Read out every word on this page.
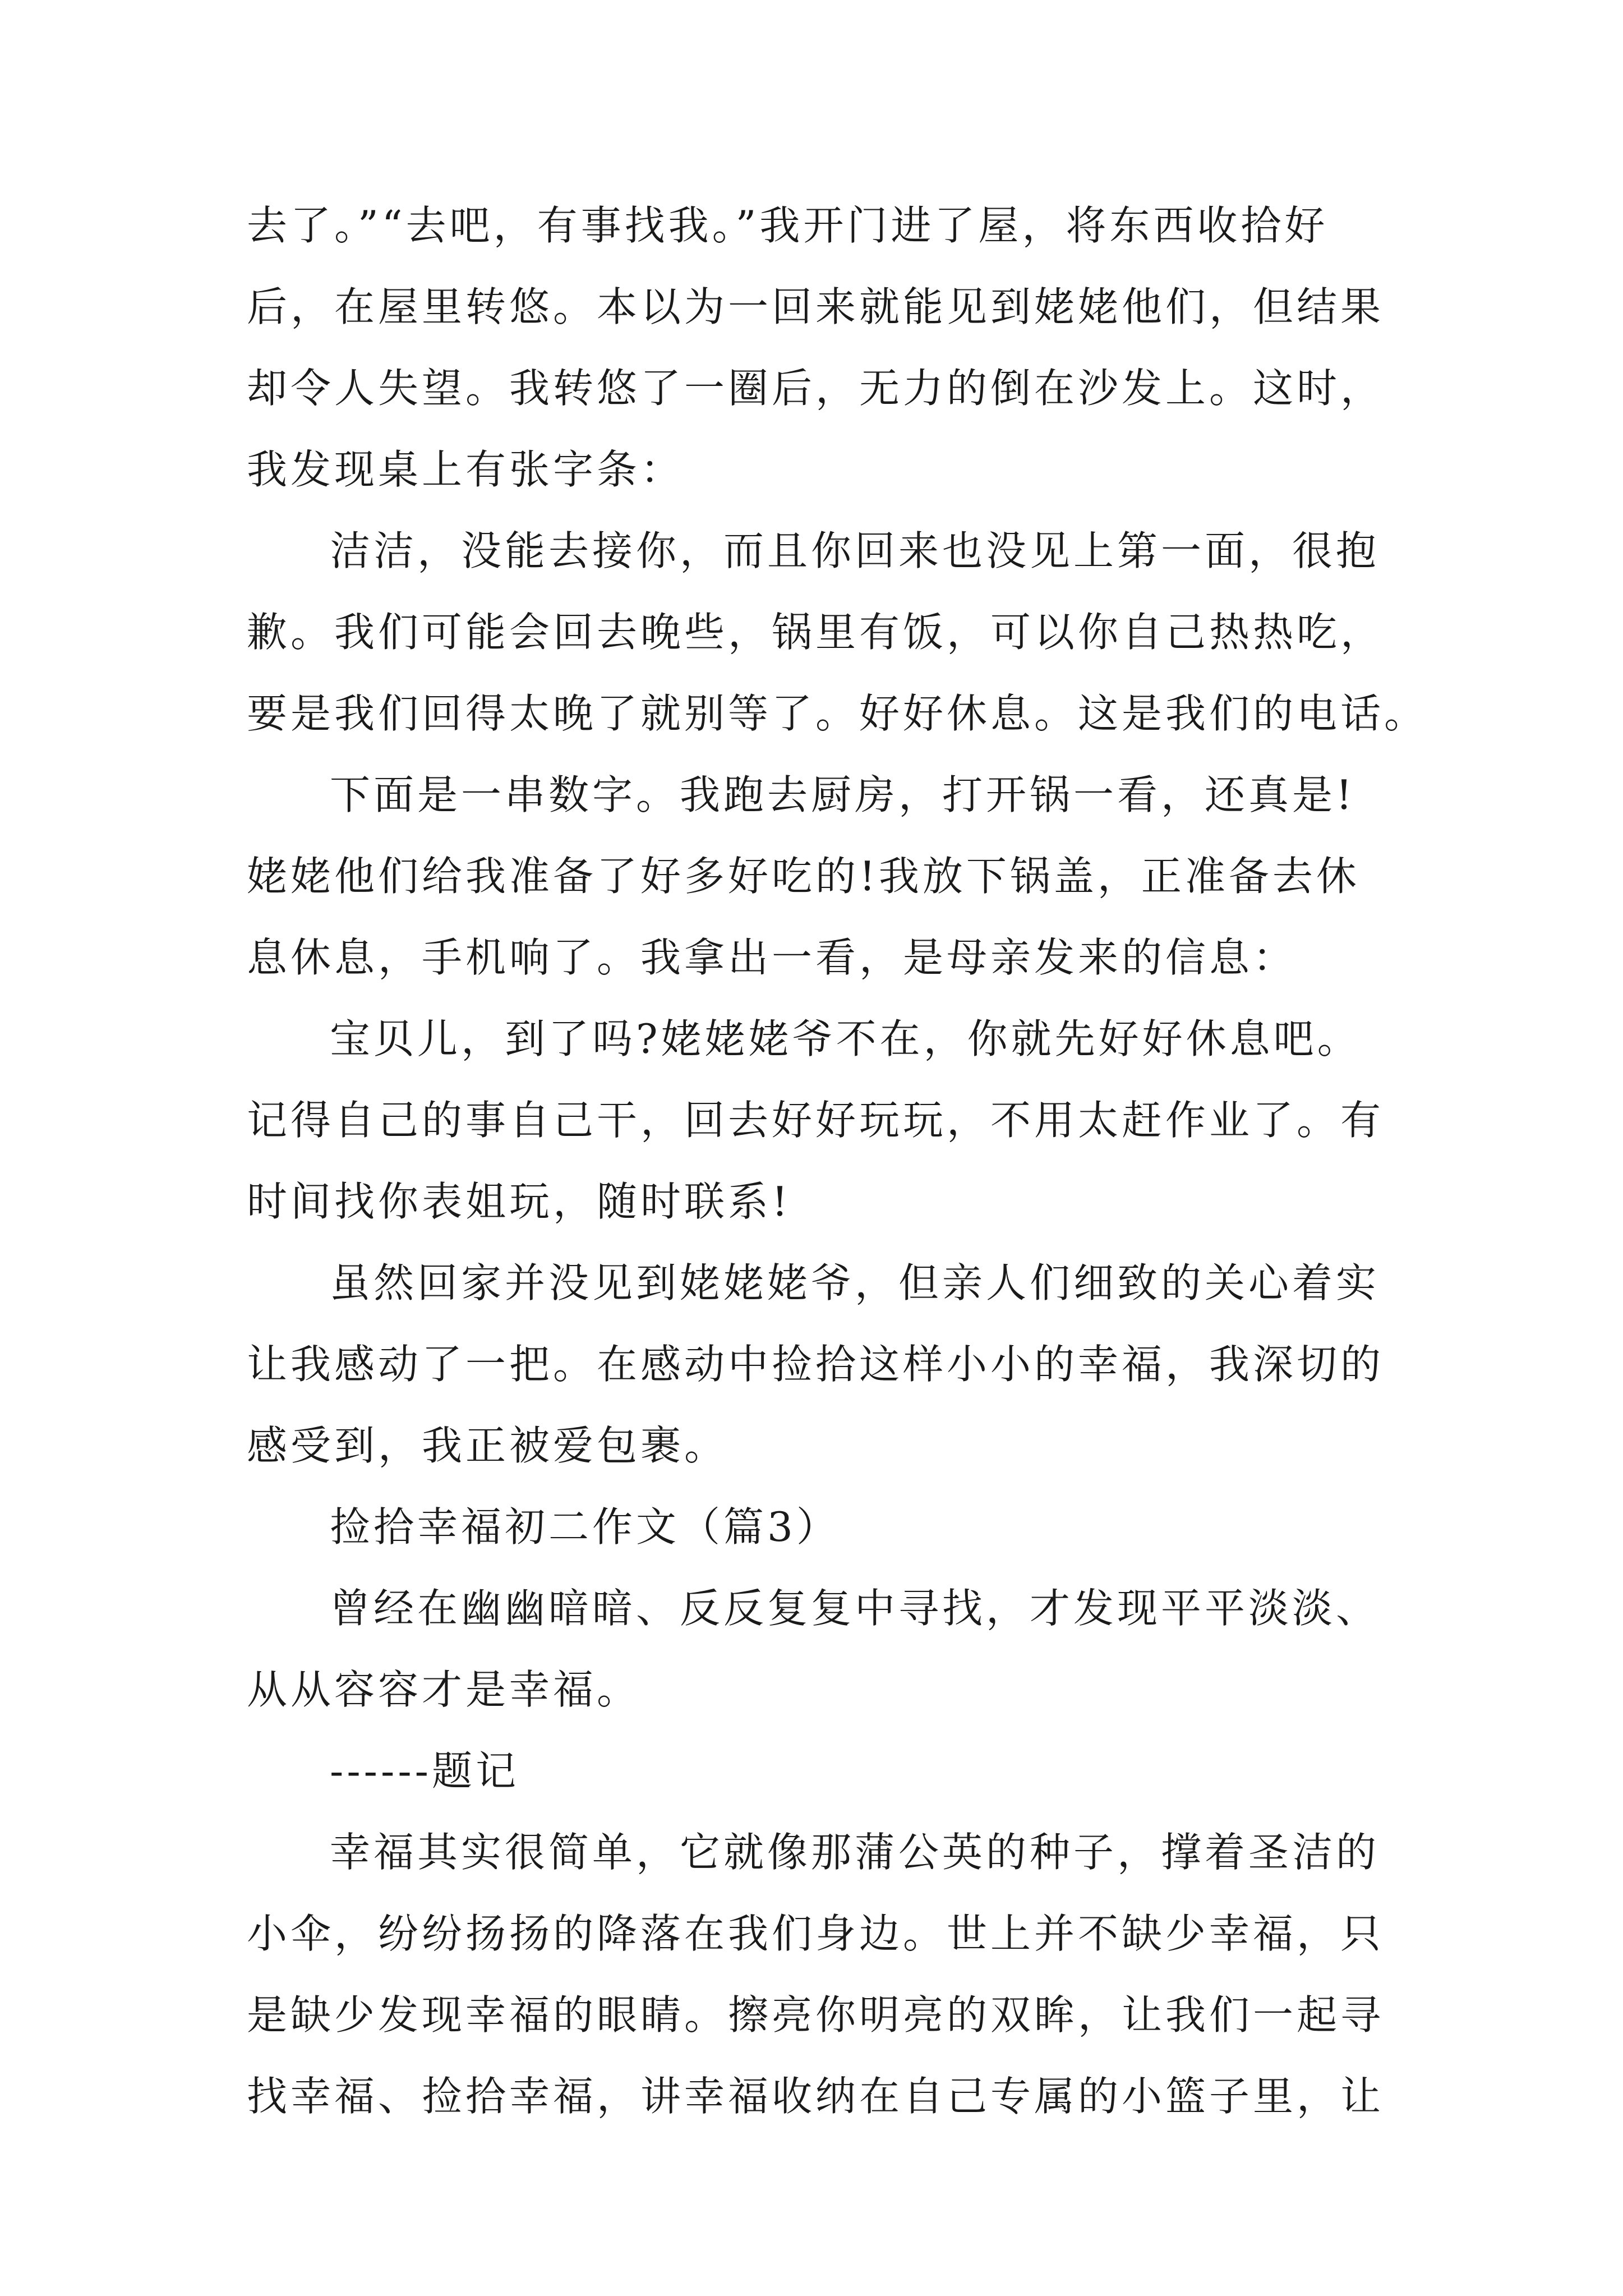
去了。”“去吧，有事找我。”我开门进了屋，将东西收拾好
后，在屋里转悠。本以为一回来就能见到姥姥他们，但结果
却令人失望。我转悠了一圈后，无力的倒在沙发上。这时，
我发现桌上有张字条：
洁洁，没能去接你，而且你回来也没见上第一面，很抱
歉。我们可能会回去晚些，锅里有饭，可以你自己热热吃，
要是我们回得太晚了就别等了。好好休息。这是我们的电话。
下面是一串数字。我跑去厨房，打开锅一看，还真是!
姥姥他们给我准备了好多好吃的!我放下锅盖，正准备去休
息休息，手机响了。我拿出一看，是母亲发来的信息：
宝贝儿，到了吗?姥姥姥爷不在，你就先好好休息吧。
记得自己的事自己干，回去好好玩玩，不用太赶作业了。有
时间找你表姐玩，随时联系!
虽然回家并没见到姥姥姥爷，但亲人们细致的关心着实
让我感动了一把。在感动中捡拾这样小小的幸福，我深切的
感受到，我正被爱包裹。
捡拾幸福初二作文（篇3）
曾经在幽幽暗暗、反反复复中寻找，才发现平平淡淡、
从从容容才是幸福。
------题记
幸福其实很简单，它就像那蒲公英的种子，撑着圣洁的
小伞，纷纷扬扬的降落在我们身边。世上并不缺少幸福，只
是缺少发现幸福的眼睛。擦亮你明亮的双眸，让我们一起寻
找幸福、捡拾幸福，讲幸福收纳在自己专属的小篮子里，让
